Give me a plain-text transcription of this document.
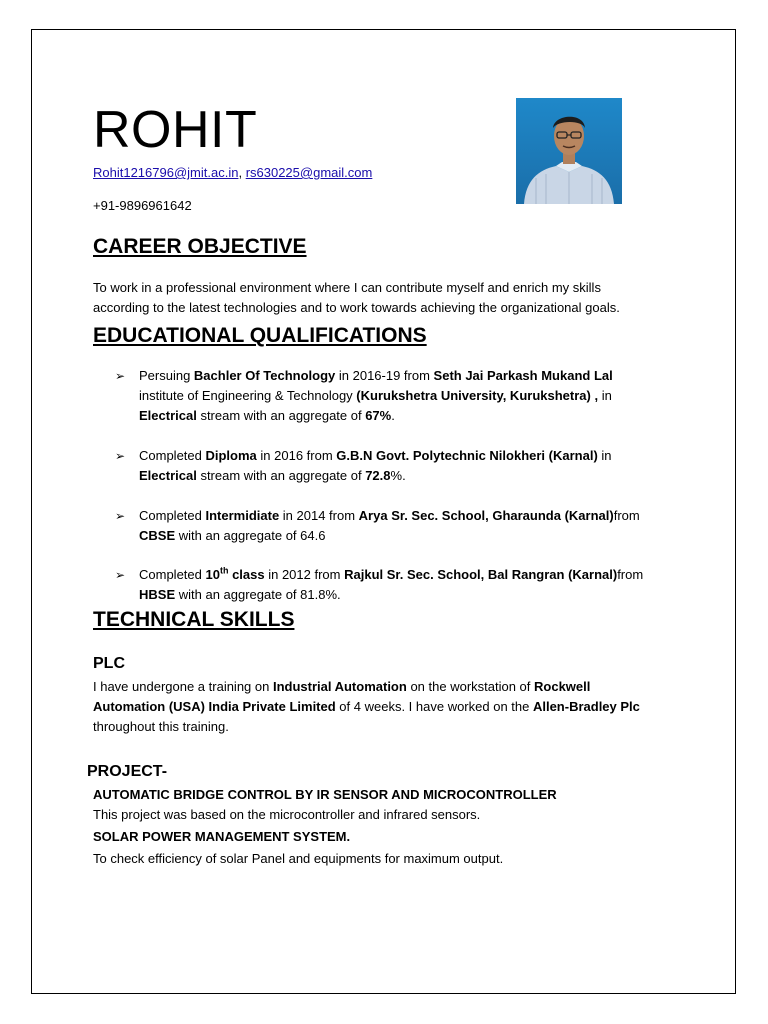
ROHIT
Rohit1216796@jmit.ac.in, rs630225@gmail.com
+91-9896961642
CAREER OBJECTIVE
To work in a professional environment where I can contribute myself and enrich my skills
according to the latest technologies and to work towards achieving the organizational goals.
EDUCATIONAL QUALIFICATIONS
➢	Persuing Bachler Of Technology in 2016-19 from Seth Jai Parkash Mukand Lal
institute of Engineering & Technology (Kurukshetra University, Kurukshetra) , in
Electrical stream with an aggregate of 67%.
➢	Completed Diploma in 2016 from G.B.N Govt. Polytechnic Nilokheri (Karnal) in
Electrical stream with an aggregate of 72.8%.
➢	Completed Intermidiate in 2014 from Arya Sr. Sec. School, Gharaunda (Karnal)from
CBSE with an aggregate of 64.6
➢	Completed 10th class in 2012 from Rajkul Sr. Sec. School, Bal Rangran (Karnal)from
HBSE with an aggregate of 81.8%.
TECHNICAL SKILLS
PLC
I have undergone a training on Industrial Automation on the workstation of Rockwell
Automation (USA) India Private Limited of 4 weeks. I have worked on the Allen-Bradley Plc
throughout this training.
PROJECT-
AUTOMATIC BRIDGE CONTROL BY IR SENSOR AND MICROCONTROLLER
This project was based on the microcontroller and infrared sensors.
SOLAR POWER MANAGEMENT SYSTEM.
To check efficiency of solar Panel and equipments for maximum output.
